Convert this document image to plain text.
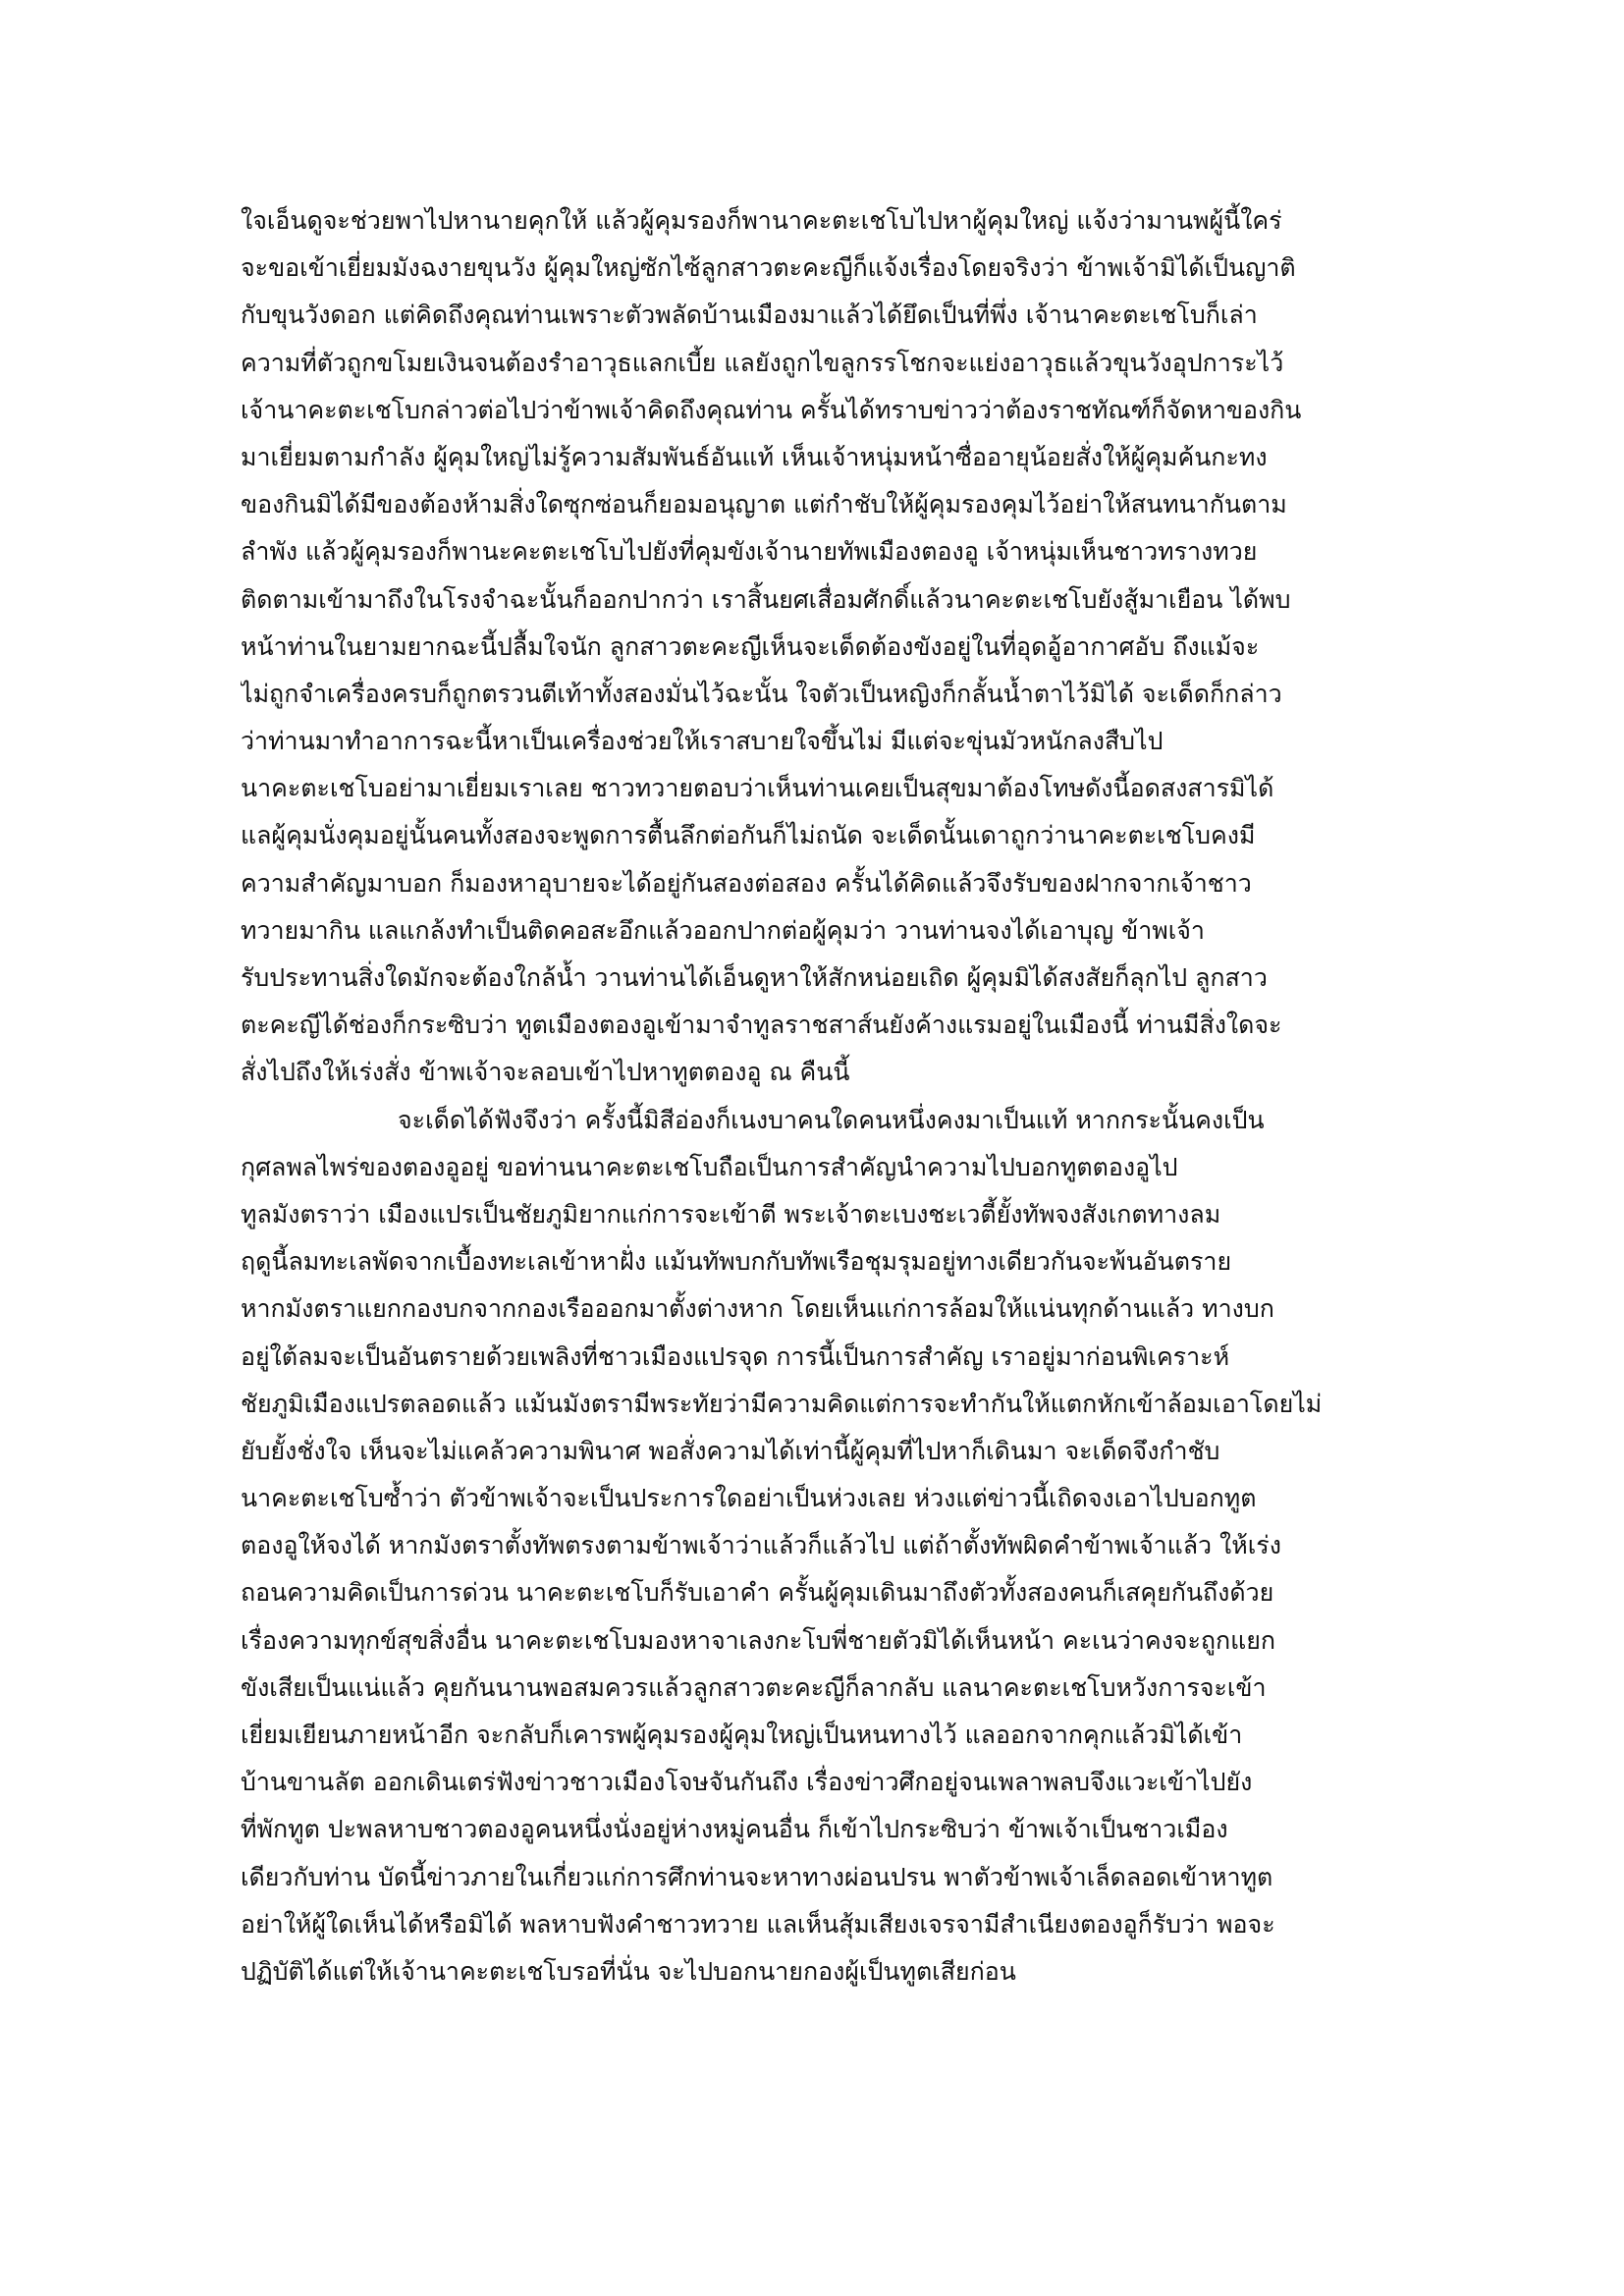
ใจเอ็นดูจะช่วยพาไปหานายคุกให้ แล้วผู้คุมรองก็พานาคะตะเชโบไปหาผู้คุมใหญ่ แจ้งว่ามานพผู้นี้ใคร่
จะขอเข้าเยี่ยมมังฉงายขุนวัง ผู้คุมใหญ่ซักไซ้ลูกสาวตะคะญีก็แจ้งเรื่องโดยจริงว่า ข้าพเจ้ามิได้เป็นญาติ
กับขุนวังดอก แต่คิดถึงคุณท่านเพราะตัวพลัดบ้านเมืองมาแล้วได้ยึดเป็นที่พึ่ง เจ้านาคะตะเชโบก็เล่า
ความที่ตัวถูกขโมยเงินจนต้องรำอาวุธแลกเบี้ย แลยังถูกไขลูกรรโชกจะแย่งอาวุธแล้วขุนวังอุปการะไว้
เจ้านาคะตะเชโบกล่าวต่อไปว่าข้าพเจ้าคิดถึงคุณท่าน ครั้นได้ทราบข่าวว่าต้องราชทัณฑ์ก็จัดหาของกิน
มาเยี่ยมตามกำลัง ผู้คุมใหญ่ไม่รู้ความสัมพันธ์อันแท้ เห็นเจ้าหนุ่มหน้าซื่ออายุน้อยสั่งให้ผู้คุมค้นกะทง
ของกินมิได้มีของต้องห้ามสิ่งใดซุกซ่อนก็ยอมอนุญาต แต่กำชับให้ผู้คุมรองคุมไว้อย่าให้สนทนากันตาม
ลำพัง แล้วผู้คุมรองก็พานะคะตะเชโบไปยังที่คุมขังเจ้านายทัพเมืองตองอู เจ้าหนุ่มเห็นชาวทรางทวย
ติดตามเข้ามาถึงในโรงจำฉะนั้นก็ออกปากว่า เราสิ้นยศเสื่อมศักดิ์แล้วนาคะตะเชโบยังสู้มาเยือน ได้พบ
หน้าท่านในยามยากฉะนี้ปลื้มใจนัก ลูกสาวตะคะญีเห็นจะเด็ดต้องขังอยู่ในที่อุดอู้อากาศอับ ถึงแม้จะ
ไม่ถูกจำเครื่องครบก็ถูกตรวนตีเท้าทั้งสองมั่นไว้ฉะนั้น ใจตัวเป็นหญิงก็กลั้นน้ำตาไว้มิได้ จะเด็ดก็กล่าว
ว่าท่านมาทำอาการฉะนี้หาเป็นเครื่องช่วยให้เราสบายใจขึ้นไม่ มีแต่จะขุ่นมัวหนักลงสืบไป
นาคะตะเชโบอย่ามาเยี่ยมเราเลย ชาวทวายตอบว่าเห็นท่านเคยเป็นสุขมาต้องโทษดังนี้อดสงสารมิได้
แลผู้คุมนั่งคุมอยู่นั้นคนทั้งสองจะพูดการตื้นลึกต่อกันก็ไม่ถนัด จะเด็ดนั้นเดาถูกว่านาคะตะเชโบคงมี
ความสำคัญมาบอก ก็มองหาอุบายจะได้อยู่กันสองต่อสอง ครั้นได้คิดแล้วจึงรับของฝากจากเจ้าชาว
ทวายมากิน แลแกล้งทำเป็นติดคอสะอึกแล้วออกปากต่อผู้คุมว่า วานท่านจงได้เอาบุญ ข้าพเจ้า
รับประทานสิ่งใดมักจะต้องใกล้น้ำ วานท่านได้เอ็นดูหาให้สักหน่อยเถิด ผู้คุมมิได้สงสัยก็ลุกไป ลูกสาว
ตะคะญีได้ช่องก็กระซิบว่า ทูตเมืองตองอูเข้ามาจำทูลราชสาส์นยังค้างแรมอยู่ในเมืองนี้ ท่านมีสิ่งใดจะ
สั่งไปถึงให้เร่งสั่ง ข้าพเจ้าจะลอบเข้าไปหาทูตตองอู ณ คืนนี้
จะเด็ดได้ฟังจึงว่า ครั้งนี้มิสีอ่องก็เนงบาคนใดคนหนึ่งคงมาเป็นแท้ หากกระนั้นคงเป็น
กุศลพลไพร่ของตองอูอยู่ ขอท่านนาคะตะเชโบถือเป็นการสำคัญนำความไปบอกทูตตองอูไป
ทูลมังตราว่า เมืองแปรเป็นชัยภูมิยากแก่การจะเข้าตี พระเจ้าตะเบงชะเวตี้ยั้งทัพจงสังเกตทางลม
ฤดูนี้ลมทะเลพัดจากเบื้องทะเลเข้าหาฝั่ง แม้นทัพบกกับทัพเรือชุมรุมอยู่ทางเดียวกันจะพ้นอันตราย
หากมังตราแยกกองบกจากกองเรือออกมาตั้งต่างหาก โดยเห็นแก่การล้อมให้แน่นทุกด้านแล้ว ทางบก
อยู่ใต้ลมจะเป็นอันตรายด้วยเพลิงที่ชาวเมืองแปรจุด การนี้เป็นการสำคัญ เราอยู่มาก่อนพิเคราะห์
ชัยภูมิเมืองแปรตลอดแล้ว แม้นมังตรามีพระทัยว่ามีความคิดแต่การจะทำกันให้แตกหักเข้าล้อมเอาโดยไม่
ยับยั้งชั่งใจ เห็นจะไม่แคล้วความพินาศ พอสั่งความได้เท่านี้ผู้คุมที่ไปหาก็เดินมา จะเด็ดจึงกำชับ
นาคะตะเชโบซ้ำว่า ตัวข้าพเจ้าจะเป็นประการใดอย่าเป็นห่วงเลย ห่วงแต่ข่าวนี้เถิดจงเอาไปบอกทูต
ตองอูให้จงได้ หากมังตราตั้งทัพตรงตามข้าพเจ้าว่าแล้วก็แล้วไป แต่ถ้าตั้งทัพผิดคำข้าพเจ้าแล้ว ให้เร่ง
ถอนความคิดเป็นการด่วน นาคะตะเชโบก็รับเอาคำ ครั้นผู้คุมเดินมาถึงตัวทั้งสองคนก็เสคุยกันถึงด้วย
เรื่องความทุกข์สุขสิ่งอื่น นาคะตะเชโบมองหาจาเลงกะโบพี่ชายตัวมิได้เห็นหน้า คะเนว่าคงจะถูกแยก
ขังเสียเป็นแน่แล้ว คุยกันนานพอสมควรแล้วลูกสาวตะคะญีก็ลากลับ แลนาคะตะเชโบหวังการจะเข้า
เยี่ยมเยียนภายหน้าอีก จะกลับก็เคารพผู้คุมรองผู้คุมใหญ่เป็นหนทางไว้ แลออกจากคุกแล้วมิได้เข้า
บ้านขานลัต ออกเดินเตร่ฟังข่าวชาวเมืองโจษจันกันถึง เรื่องข่าวศึกอยู่จนเพลาพลบจึงแวะเข้าไปยัง
ที่พักทูต ปะพลหาบชาวตองอูคนหนึ่งนั่งอยู่ห่างหมู่คนอื่น ก็เข้าไปกระซิบว่า ข้าพเจ้าเป็นชาวเมือง
เดียวกับท่าน บัดนี้ข่าวภายในเกี่ยวแก่การศึกท่านจะหาทางผ่อนปรน พาตัวข้าพเจ้าเล็ดลอดเข้าหาทูต
อย่าให้ผู้ใดเห็นได้หรือมิได้ พลหาบฟังคำชาวทวาย แลเห็นสุ้มเสียงเจรจามีสำเนียงตองอูก็รับว่า พอจะ
ปฏิบัติได้แต่ให้เจ้านาคะตะเชโบรอที่นั่น จะไปบอกนายกองผู้เป็นทูตเสียก่อน
